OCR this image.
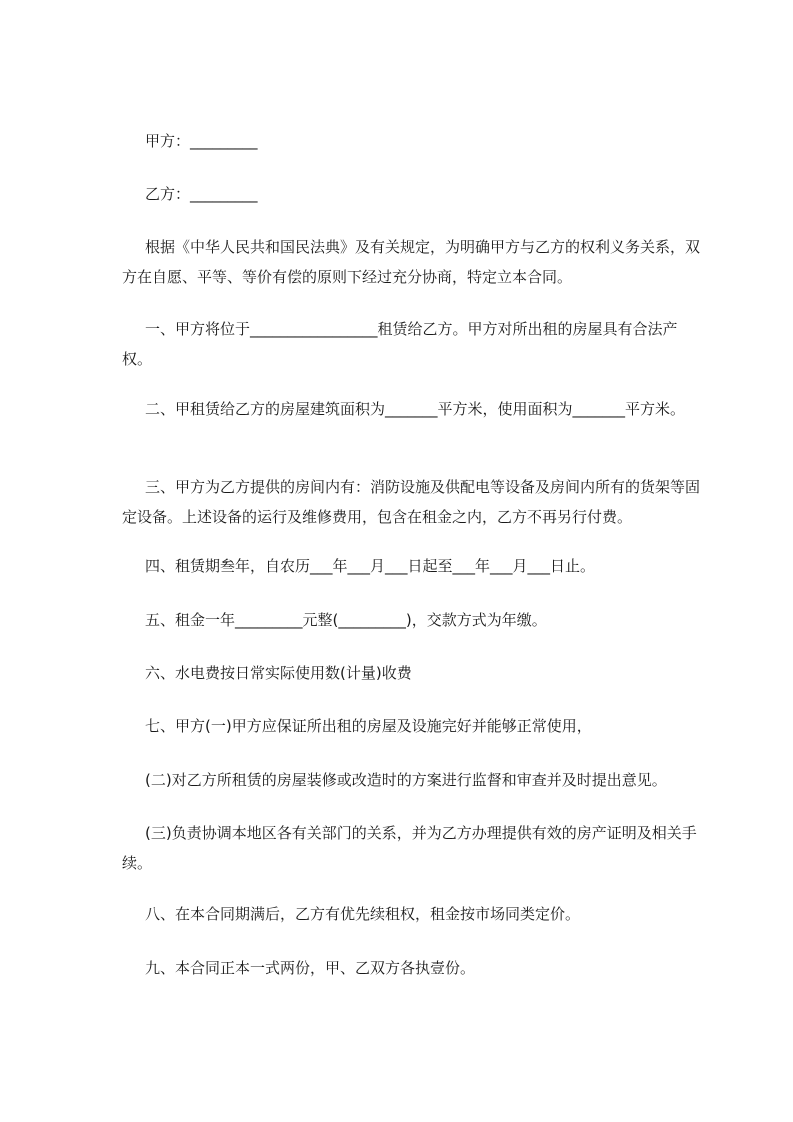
甲方：_________

乙方：_________

根据《中华人民共和国民法典》及有关规定，为明确甲方与乙方的权利义务关系，双方在自愿、平等、等价有偿的原则下经过充分协商，特定立本合同。

一、甲方将位于_________________租赁给乙方。甲方对所出租的房屋具有合法产权。

二、甲租赁给乙方的房屋建筑面积为_______平方米，使用面积为_______平方米。

三、甲方为乙方提供的房间内有：消防设施及供配电等设备及房间内所有的货架等固定设备。上述设备的运行及维修费用，包含在租金之内，乙方不再另行付费。

四、租赁期叁年，自农历___年___月___日起至___年___月___日止。

五、租金一年_________元整(_________)，交款方式为年缴。

六、水电费按日常实际使用数(计量)收费

七、甲方(一)甲方应保证所出租的房屋及设施完好并能够正常使用，

(二)对乙方所租赁的房屋装修或改造时的方案进行监督和审查并及时提出意见。

(三)负责协调本地区各有关部门的关系，并为乙方办理提供有效的房产证明及相关手续。

八、在本合同期满后，乙方有优先续租权，租金按市场同类定价。

九、本合同正本一式两份，甲、乙双方各执壹份。
